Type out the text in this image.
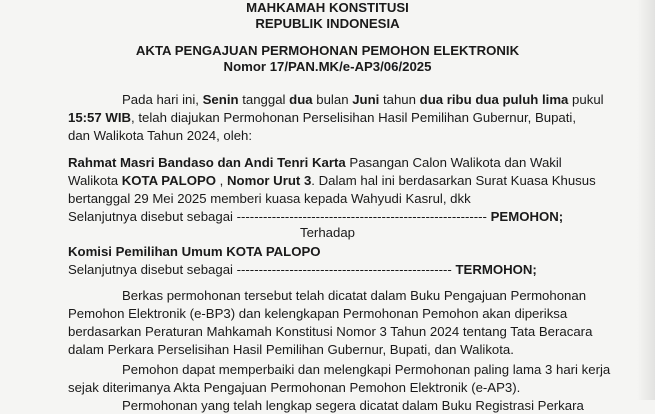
MAHKAMAH KONSTITUSI
REPUBLIK INDONESIA
AKTA PENGAJUAN PERMOHONAN PEMOHON ELEKTRONIK
Nomor 17/PAN.MK/e-AP3/06/2025
Pada hari ini, Senin tanggal dua bulan Juni tahun dua ribu dua puluh lima pukul
15:57 WIB, telah diajukan Permohonan Perselisihan Hasil Pemilihan Gubernur, Bupati,
dan Walikota Tahun 2024, oleh:
Rahmat Masri Bandaso dan Andi Tenri Karta Pasangan Calon Walikota dan Wakil
Walikota KOTA PALOPO , Nomor Urut 3. Dalam hal ini berdasarkan Surat Kuasa Khusus
bertanggal 29 Mei 2025 memberi kuasa kepada Wahyudi Kasrul, dkk
Selanjutnya disebut sebagai --------------------------------------------------------- PEMOHON;
Terhadap
Komisi Pemilihan Umum KOTA PALOPO
Selanjutnya disebut sebagai ------------------------------------------------- TERMOHON;
Berkas permohonan tersebut telah dicatat dalam Buku Pengajuan Permohonan
Pemohon Elektronik (e-BP3) dan kelengkapan Permohonan Pemohon akan diperiksa
berdasarkan Peraturan Mahkamah Konstitusi Nomor 3 Tahun 2024 tentang Tata Beracara
dalam Perkara Perselisihan Hasil Pemilihan Gubernur, Bupati, dan Walikota.
Pemohon dapat memperbaiki dan melengkapi Permohonan paling lama 3 hari kerja
sejak diterimanya Akta Pengajuan Permohonan Pemohon Elektronik (e-AP3).
Permohonan yang telah lengkap segera dicatat dalam Buku Registrasi Perkara
